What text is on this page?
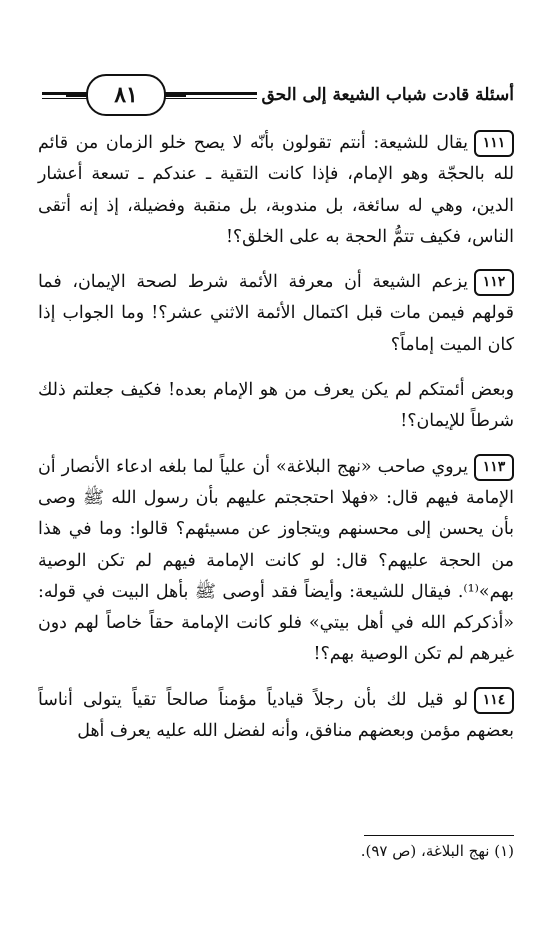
أسئلة قادت شباب الشيعة إلى الحق
٨١

١١١يقال للشيعة: أنتم تقولون بأنّه لا يصح خلو الزمان من قائم لله بالحجّة وهو الإمام، فإذا كانت التقية ـ عندكم ـ تسعة أعشار الدين، وهي له سائغة، بل مندوبة، بل منقبة وفضيلة، إذ إنه أتقى الناس، فكيف تتمُّ الحجة به على الخلق؟!

١١٢يزعم الشيعة أن معرفة الأئمة شرط لصحة الإيمان، فما قولهم فيمن مات قبل اكتمال الأئمة الاثني عشر؟! وما الجواب إذا كان الميت إماماً؟

وبعض أئمتكم لم يكن يعرف من هو الإمام بعده! فكيف جعلتم ذلك شرطاً للإيمان؟!

١١٣يروي صاحب «نهج البلاغة» أن علياً لما بلغه ادعاء الأنصار أن الإمامة فيهم قال: «فهلا احتججتم عليهم بأن رسول الله ﷺ وصى بأن يحسن إلى محسنهم ويتجاوز عن مسيئهم؟ قالوا: وما في هذا من الحجة عليهم؟ قال: لو كانت الإمامة فيهم لم تكن الوصية بهم»⁽¹⁾. فيقال للشيعة: وأيضاً فقد أوصى ﷺ بأهل البيت في قوله: «أذكركم الله في أهل بيتي» فلو كانت الإمامة حقاً خاصاً لهم دون غيرهم لم تكن الوصية بهم؟!

١١٤لو قيل لك بأن رجلاً قيادياً مؤمناً صالحاً تقياً يتولى أناساً بعضهم مؤمن وبعضهم منافق، وأنه لفضل الله عليه يعرف أهل

(١) نهج البلاغة، (ص ٩٧).
